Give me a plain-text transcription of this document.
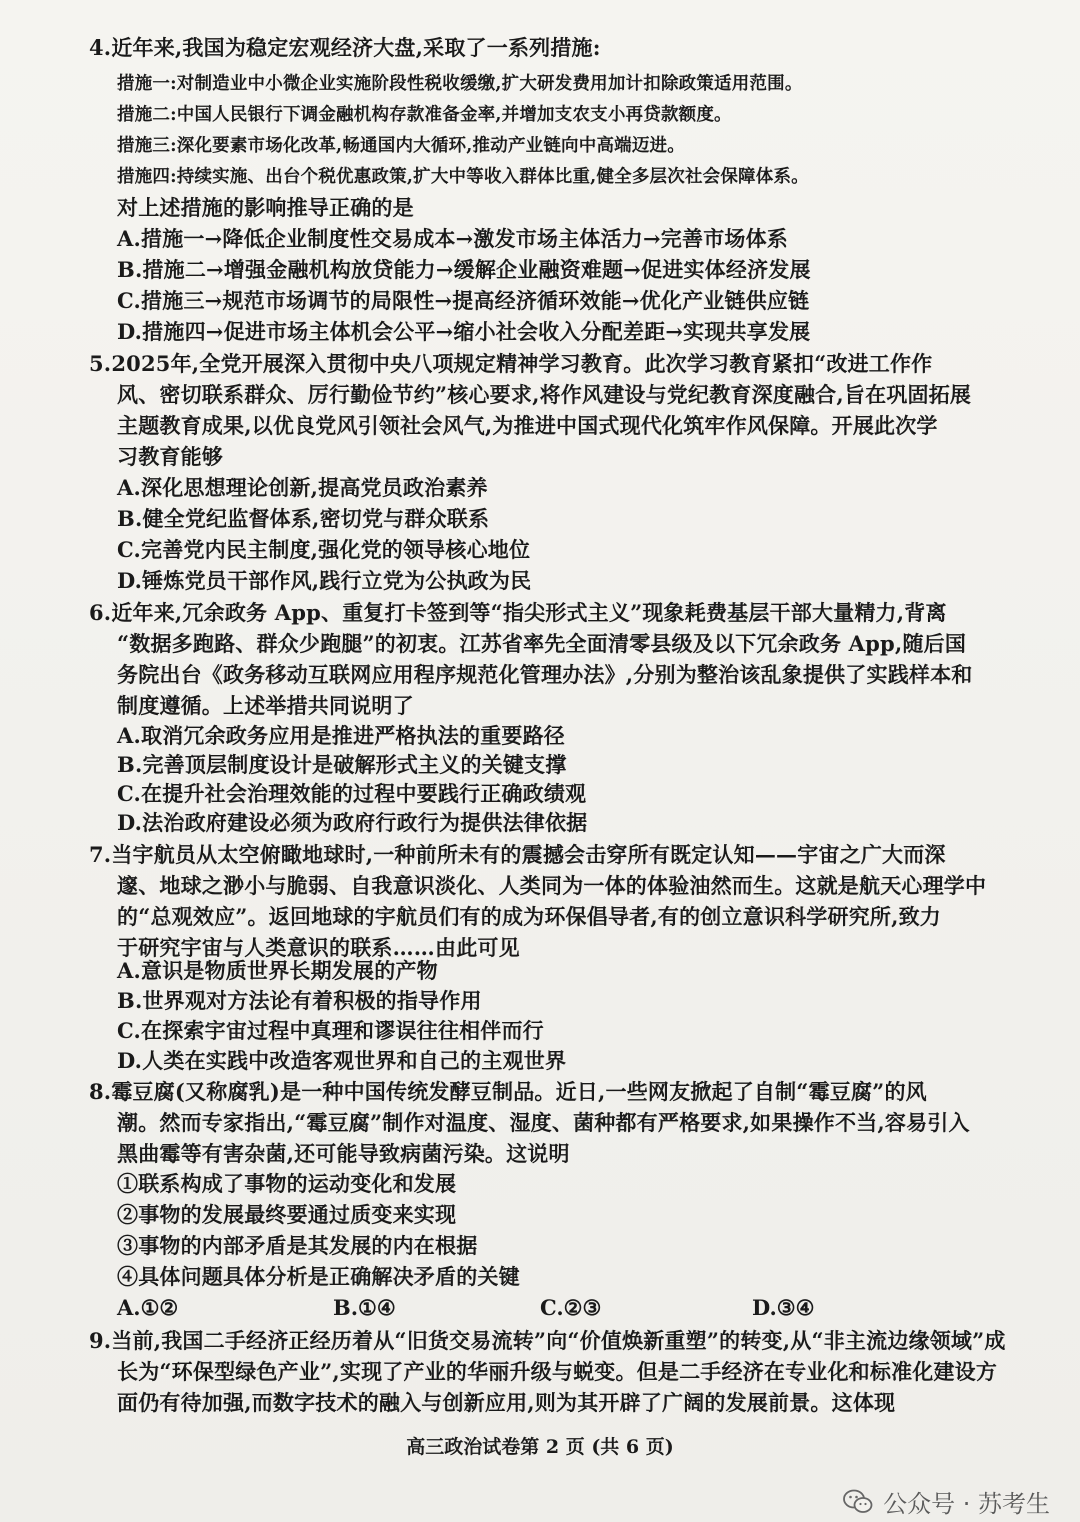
4.近年来,我国为稳定宏观经济大盘,采取了一系列措施:
措施一:对制造业中小微企业实施阶段性税收缓缴,扩大研发费用加计扣除政策适用范围。
措施二:中国人民银行下调金融机构存款准备金率,并增加支农支小再贷款额度。
措施三:深化要素市场化改革,畅通国内大循环,推动产业链向中高端迈进。
措施四:持续实施、出台个税优惠政策,扩大中等收入群体比重,健全多层次社会保障体系。
对上述措施的影响推导正确的是
A.措施一→降低企业制度性交易成本→激发市场主体活力→完善市场体系
B.措施二→增强金融机构放贷能力→缓解企业融资难题→促进实体经济发展
C.措施三→规范市场调节的局限性→提高经济循环效能→优化产业链供应链
D.措施四→促进市场主体机会公平→缩小社会收入分配差距→实现共享发展
5.2025年,全党开展深入贯彻中央八项规定精神学习教育。此次学习教育紧扣“改进工作作
风、密切联系群众、厉行勤俭节约”核心要求,将作风建设与党纪教育深度融合,旨在巩固拓展
主题教育成果,以优良党风引领社会风气,为推进中国式现代化筑牢作风保障。开展此次学
习教育能够
A.深化思想理论创新,提高党员政治素养
B.健全党纪监督体系,密切党与群众联系
C.完善党内民主制度,强化党的领导核心地位
D.锤炼党员干部作风,践行立党为公执政为民
6.近年来,冗余政务 App、重复打卡签到等“指尖形式主义”现象耗费基层干部大量精力,背离
“数据多跑路、群众少跑腿”的初衷。江苏省率先全面清零县级及以下冗余政务 App,随后国
务院出台《政务移动互联网应用程序规范化管理办法》,分别为整治该乱象提供了实践样本和
制度遵循。上述举措共同说明了
A.取消冗余政务应用是推进严格执法的重要路径
B.完善顶层制度设计是破解形式主义的关键支撑
C.在提升社会治理效能的过程中要践行正确政绩观
D.法治政府建设必须为政府行政行为提供法律依据
7.当宇航员从太空俯瞰地球时,一种前所未有的震撼会击穿所有既定认知——宇宙之广大而深
邃、地球之渺小与脆弱、自我意识淡化、人类同为一体的体验油然而生。这就是航天心理学中
的“总观效应”。返回地球的宇航员们有的成为环保倡导者,有的创立意识科学研究所,致力
于研究宇宙与人类意识的联系……由此可见
A.意识是物质世界长期发展的产物
B.世界观对方法论有着积极的指导作用
C.在探索宇宙过程中真理和谬误往往相伴而行
D.人类在实践中改造客观世界和自己的主观世界
8.霉豆腐(又称腐乳)是一种中国传统发酵豆制品。近日,一些网友掀起了自制“霉豆腐”的风
潮。然而专家指出,“霉豆腐”制作对温度、湿度、菌种都有严格要求,如果操作不当,容易引入
黑曲霉等有害杂菌,还可能导致病菌污染。这说明
①联系构成了事物的运动变化和发展
②事物的发展最终要通过质变来实现
③事物的内部矛盾是其发展的内在根据
④具体问题具体分析是正确解决矛盾的关键
A.①②	B.①④	C.②③	D.③④
9.当前,我国二手经济正经历着从“旧货交易流转”向“价值焕新重塑”的转变,从“非主流边缘领域”成
长为“环保型绿色产业”,实现了产业的华丽升级与蜕变。但是二手经济在专业化和标准化建设方
面仍有待加强,而数字技术的融入与创新应用,则为其开辟了广阔的发展前景。这体现
高三政治试卷第 2 页 (共 6 页)
公众号 · 苏考生
